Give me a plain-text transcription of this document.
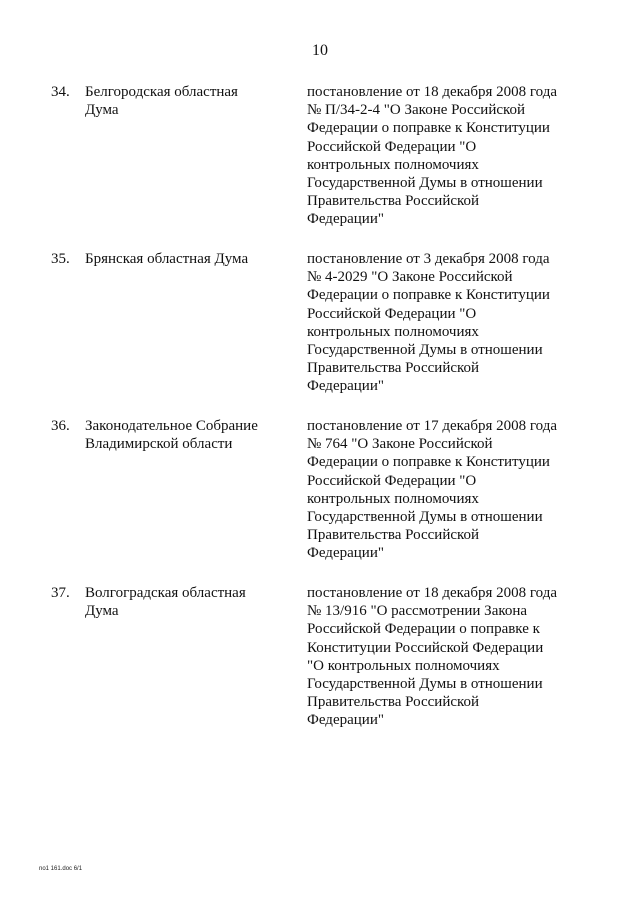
10
34. Белгородская областная
Дума
постановление от 18 декабря 2008 года
№ П/34-2-4 "О Законе Российской
Федерации о поправке к Конституции
Российской Федерации "О
контрольных полномочиях
Государственной Думы в отношении
Правительства Российской
Федерации"
35. Брянская областная Дума	постановление от 3 декабря 2008 года
№ 4-2029 "О Законе Российской
Федерации о поправке к Конституции
Российской Федерации "О
контрольных полномочиях
Государственной Думы в отношении
Правительства Российской
Федерации"
36. Законодательное Собрание
Владимирской области
постановление от 17 декабря 2008 года
№ 764 "О Законе Российской
Федерации о поправке к Конституции
Российской Федерации "О
контрольных полномочиях
Государственной Думы в отношении
Правительства Российской
Федерации"
37. Волгоградская областная
Дума
постановление от 18 декабря 2008 года
№ 13/916 "О рассмотрении Закона
Российской Федерации о поправке к
Конституции Российской Федерации
"О контрольных полномочиях
Государственной Думы в отношении
Правительства Российской
Федерации"
no1 161.doc 6/1
